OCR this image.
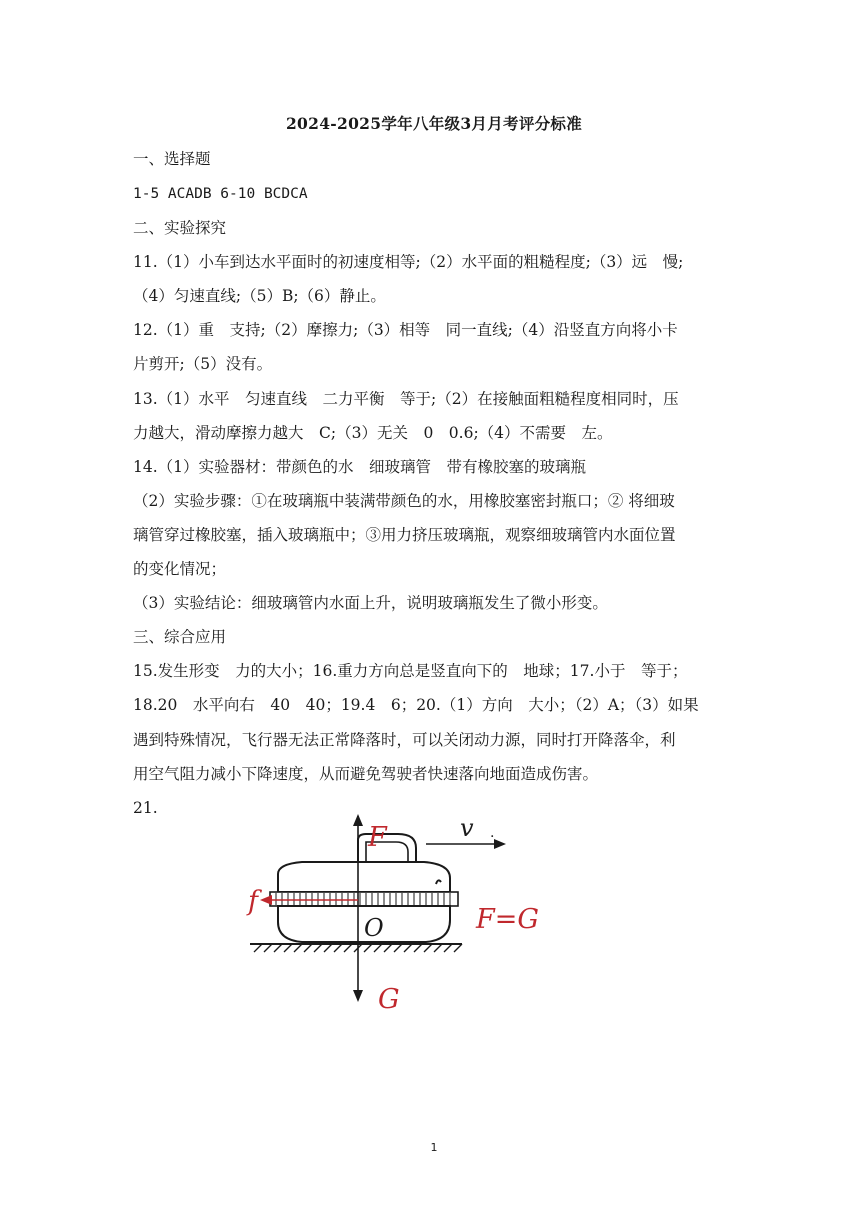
2024-2025学年八年级3月月考评分标准
一、选择题
1-5 ACADB 6-10 BCDCA
二、实验探究
11.（1）小车到达水平面时的初速度相等;（2）水平面的粗糙程度;（3）远　慢;
（4）匀速直线;（5）B;（6）静止。
12.（1）重　支持;（2）摩擦力;（3）相等　同一直线;（4）沿竖直方向将小卡
片剪开;（5）没有。
13.（1）水平　匀速直线　二力平衡　等于;（2）在接触面粗糙程度相同时，压
力越大，滑动摩擦力越大　C;（3）无关　0　0.6;（4）不需要　左。
14.（1）实验器材：带颜色的水　细玻璃管　带有橡胶塞的玻璃瓶
（2）实验步骤：①在玻璃瓶中装满带颜色的水，用橡胶塞密封瓶口；② 将细玻
璃管穿过橡胶塞，插入玻璃瓶中；③用力挤压玻璃瓶，观察细玻璃管内水面位置
的变化情况；
（3）实验结论：细玻璃管内水面上升，说明玻璃瓶发生了微小形变。
三、综合应用
15.发生形变　力的大小；16.重力方向总是竖直向下的　地球；17.小于　等于；
18.20　水平向右　40　40；19.4　6；20.（1）方向　大小；（2）A；（3）如果
遇到特殊情况，飞行器无法正常降落时，可以关闭动力源，同时打开降落伞，利
用空气阻力减小下降速度，从而避免驾驶者快速落向地面造成伤害。
21.
F	v .
f
O	F=G
G
1
